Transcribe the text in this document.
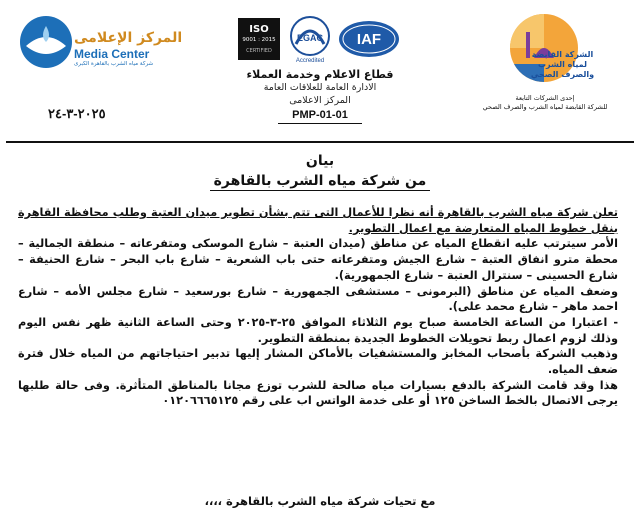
الشركة القابضة
لمياه الشرب
والصرف الصحي
إحدى الشركات التابعة
للشركة القابضة لمياه الشرب والصرف الصحي
ISO
9001 : 2015
CERTIFIED
EGAC
Accredited
IAF
قطاع الاعلام وخدمة العملاء
الادارة العامة للعلاقات العامة
المركز الاعلامى
PMP-01-01
المركز الإعلامى
Media Center
شركة مياه الشرب بالقاهرة الكبرى
٢٠٢٥-٣-٢٤
بيان
من شركة مياه الشرب بالقاهرة

تعلن شركة مياه الشرب بالقاهرة أنه نظرا للأعمال التى تتم بشأن تطوير ميدان العتبة وطلب محافظة القاهرة بنقل خطوط المياه المتعارضة مع اعمال التطوير.

الأمر سيترتب عليه انقطاع المياه عن مناطق (ميدان العتبة – شارع الموسكى ومتفرعاته – منطقة الجمالية – محطة مترو انفاق العتبة – شارع الجيش ومتفرعاته حتى باب الشعرية – شارع باب البحر – شارع الحنيفة – شارع الحسينى – سنترال العتبة – شارع الجمهورية).

وضعف المياه عن مناطق (البرمونى – مستشفى الجمهورية – شارع بورسعيد – شارع مجلس الأمه – شارع احمد ماهر – شارع محمد على).

- اعتبارا من الساعة الخامسة صباح يوم الثلاثاء الموافق ٢٥-٣-٢٠٢٥ وحتى الساعة الثانية ظهر نفس اليوم وذلك لزوم اعمال ربط تحويلات الخطوط الجديدة بمنطقة التطوير.

وذهيب الشركة بأصحاب المخابز والمستشفيات بالأماكن المشار إليها تدبير احتياجاتهم من المياه خلال فترة ضعف المياه.

هذا وقد قامت الشركة بالدفع بسيارات مياه صالحة للشرب توزع مجانا بالمناطق المتأثرة. وفى حالة طلبها يرجى الاتصال بالخط الساخن ١٢٥ أو على خدمة الواتس اب على رقم ٠١٢٠٦٦٦٥١٢٥

مع تحيات شركة مياه الشرب بالقاهرة ،،،،
